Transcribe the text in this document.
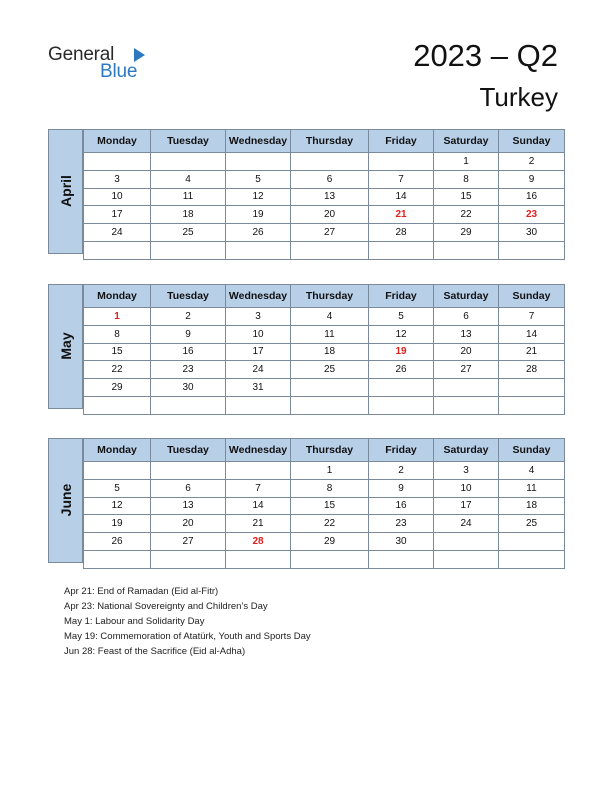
General
Blue	2023 – Q2
Turkey
April
Monday	Tuesday	Wednesday	Thursday	Friday	Saturday	Sunday
					1	2
3	4	5	6	7	8	9
10	11	12	13	14	15	16
17	18	19	20	21	22	23
24	25	26	27	28	29	30

May
Monday	Tuesday	Wednesday	Thursday	Friday	Saturday	Sunday
1	2	3	4	5	6	7
8	9	10	11	12	13	14
15	16	17	18	19	20	21
22	23	24	25	26	27	28
29	30	31				

June
Monday	Tuesday	Wednesday	Thursday	Friday	Saturday	Sunday
			1	2	3	4
5	6	7	8	9	10	11
12	13	14	15	16	17	18
19	20	21	22	23	24	25
26	27	28	29	30		

Apr 21: End of Ramadan (Eid al-Fitr)
Apr 23: National Sovereignty and Children’s Day
May 1: Labour and Solidarity Day
May 19: Commemoration of Atatürk, Youth and Sports Day
Jun 28: Feast of the Sacrifice (Eid al-Adha)
